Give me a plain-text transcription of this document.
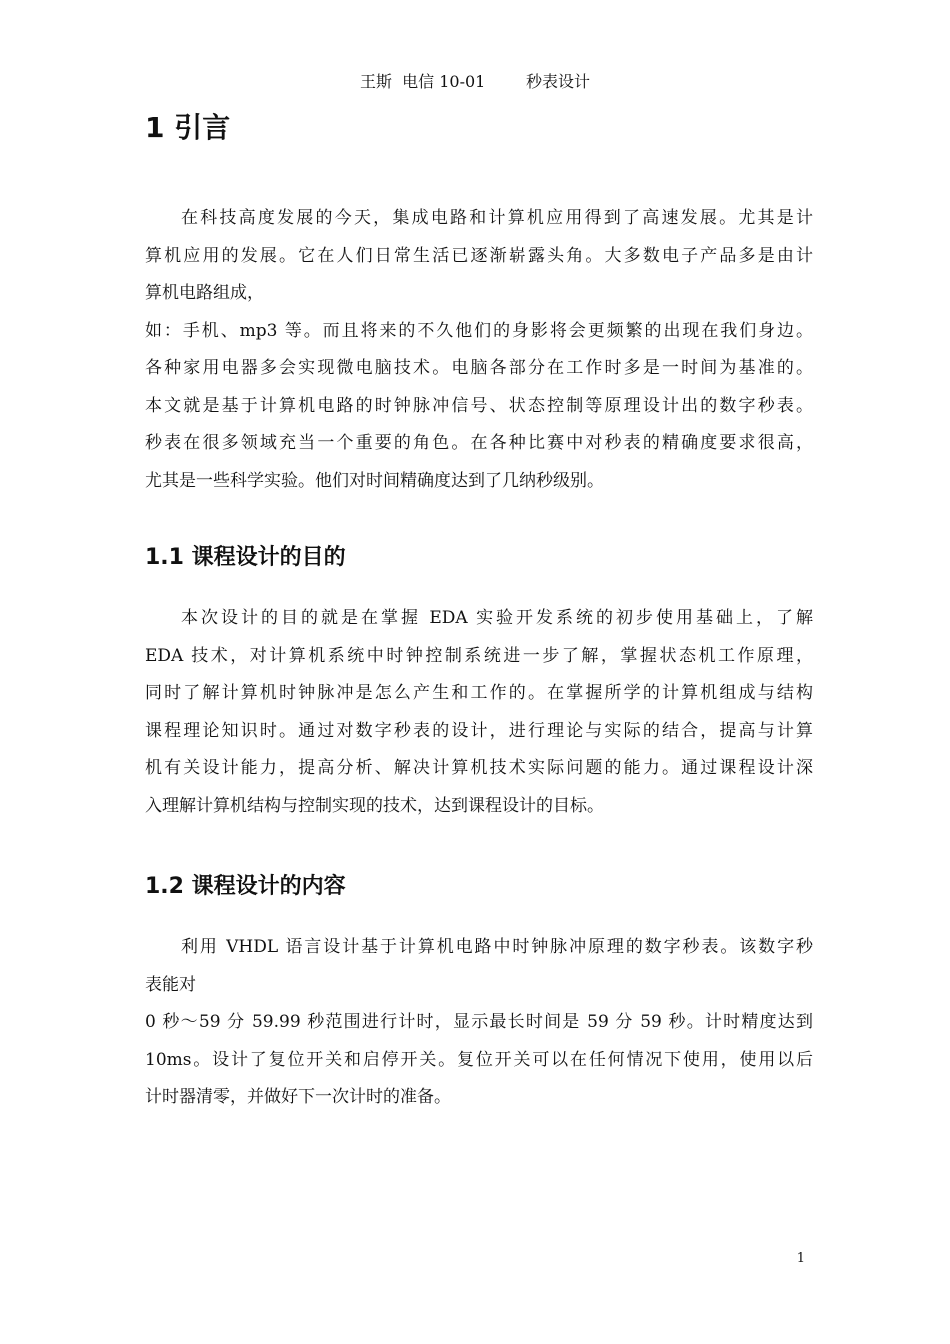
王斯  电信 10-01        秒表设计
1 引言
在科技高度发展的今天，集成电路和计算机应用得到了高速发展。尤其是计
算机应用的发展。它在人们日常生活已逐渐崭露头角。大多数电子产品多是由计
算机电路组成，
如：手机、mp3 等。而且将来的不久他们的身影将会更频繁的出现在我们身边。
各种家用电器多会实现微电脑技术。电脑各部分在工作时多是一时间为基准的。
本文就是基于计算机电路的时钟脉冲信号、状态控制等原理设计出的数字秒表。
秒表在很多领域充当一个重要的角色。在各种比赛中对秒表的精确度要求很高，
尤其是一些科学实验。他们对时间精确度达到了几纳秒级别。
1.1 课程设计的目的
本次设计的目的就是在掌握 EDA 实验开发系统的初步使用基础上，了解
EDA 技术，对计算机系统中时钟控制系统进一步了解，掌握状态机工作原理，
同时了解计算机时钟脉冲是怎么产生和工作的。在掌握所学的计算机组成与结构
课程理论知识时。通过对数字秒表的设计，进行理论与实际的结合，提高与计算
机有关设计能力，提高分析、解决计算机技术实际问题的能力。通过课程设计深
入理解计算机结构与控制实现的技术，达到课程设计的目标。
1.2 课程设计的内容
利用 VHDL 语言设计基于计算机电路中时钟脉冲原理的数字秒表。该数字秒
表能对
0 秒～59 分 59.99 秒范围进行计时，显示最长时间是 59 分 59 秒。计时精度达到
10ms。设计了复位开关和启停开关。复位开关可以在任何情况下使用，使用以后
计时器清零，并做好下一次计时的准备。
1
